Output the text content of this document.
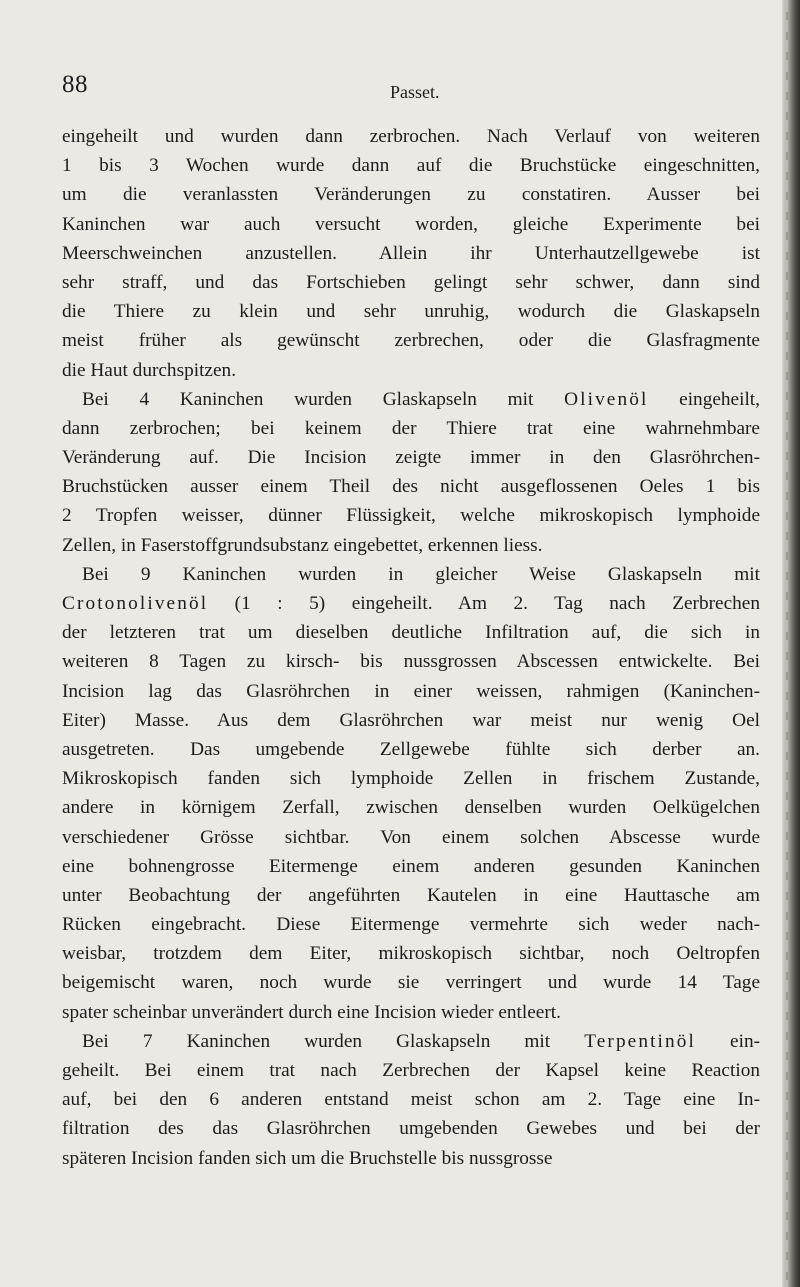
88	Passet.
eingeheilt und wurden dann zerbrochen. Nach Verlauf von weiteren
1 bis 3 Wochen wurde dann auf die Bruchstücke eingeschnitten,
um die veranlassten Veränderungen zu constatiren. Ausser bei
Kaninchen war auch versucht worden, gleiche Experimente bei
Meerschweinchen anzustellen. Allein ihr Unterhautzellgewebe ist
sehr straff, und das Fortschieben gelingt sehr schwer, dann sind
die Thiere zu klein und sehr unruhig, wodurch die Glaskapseln
meist früher als gewünscht zerbrechen, oder die Glasfragmente
die Haut durchspitzen.
Bei 4 Kaninchen wurden Glaskapseln mit Olivenöl eingeheilt,
dann zerbrochen; bei keinem der Thiere trat eine wahrnehmbare
Veränderung auf. Die Incision zeigte immer in den Glasröhrchen-
Bruchstücken ausser einem Theil des nicht ausgeflossenen Oeles 1 bis
2 Tropfen weisser, dünner Flüssigkeit, welche mikroskopisch lymphoide
Zellen, in Faserstoffgrundsubstanz eingebettet, erkennen liess.
Bei 9 Kaninchen wurden in gleicher Weise Glaskapseln mit
Crotonolivenöl (1 : 5) eingeheilt. Am 2. Tag nach Zerbrechen
der letzteren trat um dieselben deutliche Infiltration auf, die sich in
weiteren 8 Tagen zu kirsch- bis nussgrossen Abscessen entwickelte. Bei
Incision lag das Glasröhrchen in einer weissen, rahmigen (Kaninchen-
Eiter) Masse. Aus dem Glasröhrchen war meist nur wenig Oel
ausgetreten. Das umgebende Zellgewebe fühlte sich derber an.
Mikroskopisch fanden sich lymphoide Zellen in frischem Zustande,
andere in körnigem Zerfall, zwischen denselben wurden Oelkügelchen
verschiedener Grösse sichtbar. Von einem solchen Abscesse wurde
eine bohnengrosse Eitermenge einem anderen gesunden Kaninchen
unter Beobachtung der angeführten Kautelen in eine Hauttasche am
Rücken eingebracht. Diese Eitermenge vermehrte sich weder nach-
weisbar, trotzdem dem Eiter, mikroskopisch sichtbar, noch Oeltropfen
beigemischt waren, noch wurde sie verringert und wurde 14 Tage
spater scheinbar unverändert durch eine Incision wieder entleert.
Bei 7 Kaninchen wurden Glaskapseln mit Terpentinöl ein-
geheilt. Bei einem trat nach Zerbrechen der Kapsel keine Reaction
auf, bei den 6 anderen entstand meist schon am 2. Tage eine In-
filtration des das Glasröhrchen umgebenden Gewebes und bei der
späteren Incision fanden sich um die Bruchstelle bis nussgrosse
